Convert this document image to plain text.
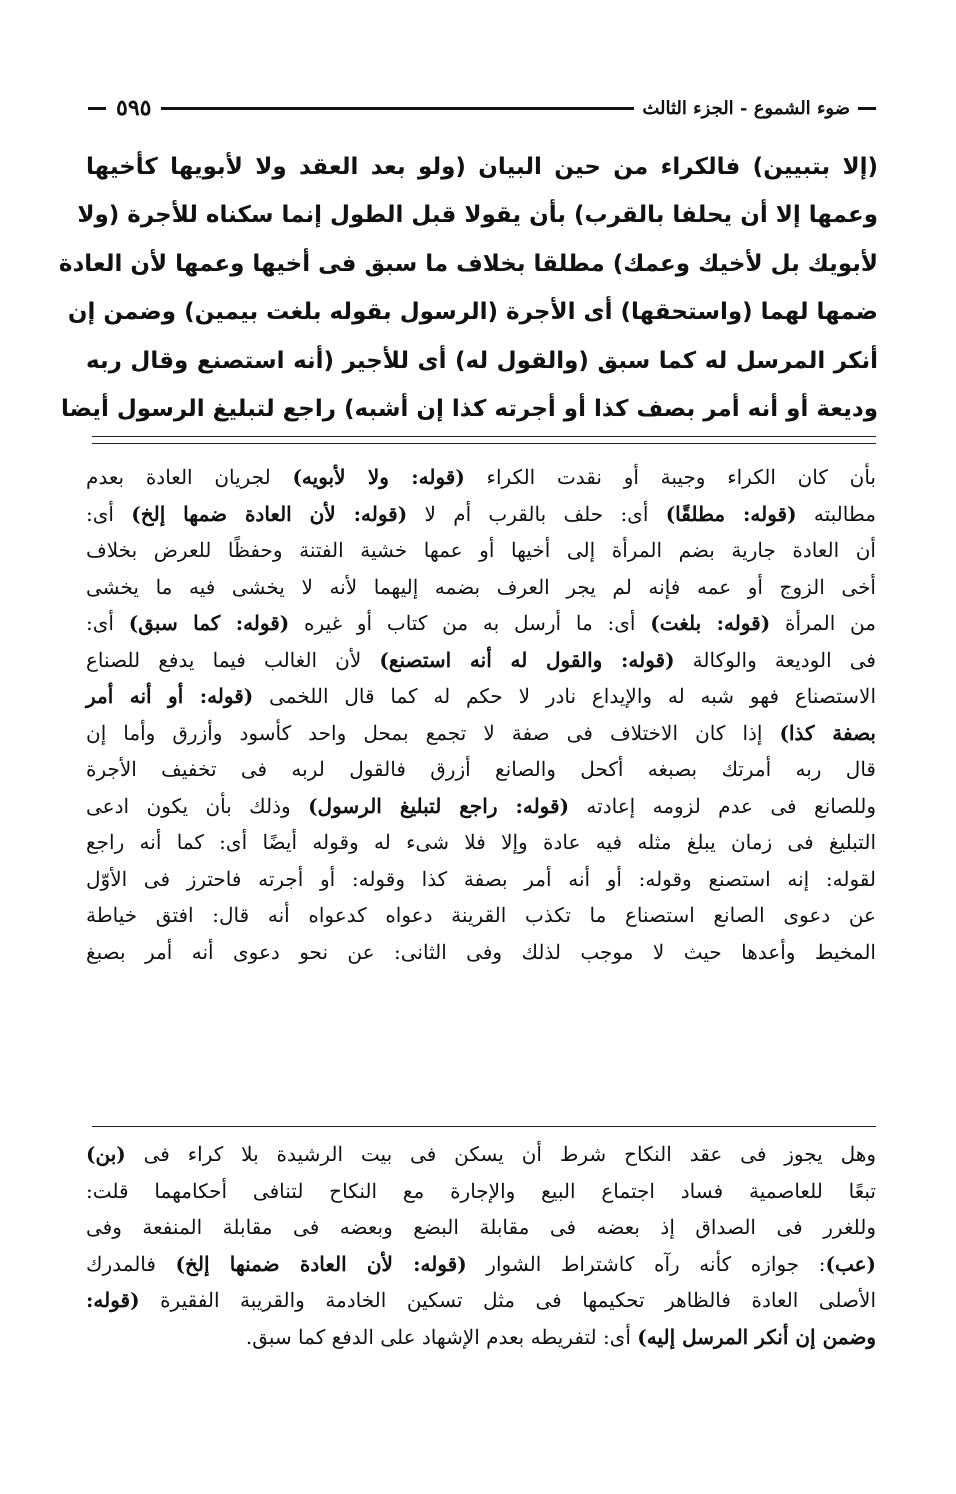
٥٩٥	ضوء الشموع - الجزء الثالث
(إلا بتبيين) فالكراء من حين البيان (ولو بعد العقد ولا لأبويها كأخيها
وعمها إلا أن يحلفا بالقرب) بأن يقولا قبل الطول إنما سكناه للأجرة (ولا
لأبويك بل لأخيك وعمك) مطلقا بخلاف ما سبق فى أخيها وعمها لأن العادة
ضمها لهما (واستحقها) أى الأجرة (الرسول بقوله بلغت بيمين) وضمن إن
أنكر المرسل له كما سبق (والقول له) أى للأجير (أنه استصنع وقال ربه
وديعة أو أنه أمر بصف كذا أو أجرته كذا إن أشبه) راجع لتبليغ الرسول أيضا
بأن كان الكراء وجيبة أو نقدت الكراء (قوله: ولا لأبويه) لجريان العادة بعدم
مطالبته (قوله: مطلقًا) أى: حلف بالقرب أم لا (قوله: لأن العادة ضمها إلخ) أى:
أن العادة جارية بضم المرأة إلى أخيها أو عمها خشية الفتنة وحفظًا للعرض بخلاف
أخى الزوج أو عمه فإنه لم يجر العرف بضمه إليهما لأنه لا يخشى فيه ما يخشى
من المرأة (قوله: بلغت) أى: ما أرسل به من كتاب أو غيره (قوله: كما سبق) أى:
فى الوديعة والوكالة (قوله: والقول له أنه استصنع) لأن الغالب فيما يدفع للصناع
الاستصناع فهو شبه له والإيداع نادر لا حكم له كما قال اللخمى (قوله: أو أنه أمر
بصفة كذا) إذا كان الاختلاف فى صفة لا تجمع بمحل واحد كأسود وأزرق وأما إن
قال ربه أمرتك بصبغه أكحل والصانع أزرق فالقول لربه فى تخفيف الأجرة
وللصانع فى عدم لزومه إعادته (قوله: راجع لتبليغ الرسول) وذلك بأن يكون ادعى
التبليغ فى زمان يبلغ مثله فيه عادة وإلا فلا شىء له وقوله أيضًا أى: كما أنه راجع
لقوله: إنه استصنع وقوله: أو أنه أمر بصفة كذا وقوله: أو أجرته فاحترز فى الأوّل
عن دعوى الصانع استصناع ما تكذب القرينة دعواه كدعواه أنه قال: افتق خياطة
المخيط وأعدها حيث لا موجب لذلك وفى الثانى: عن نحو دعوى أنه أمر بصبغ
وهل يجوز فى عقد النكاح شرط أن يسكن فى بيت الرشيدة بلا كراء فى (بن)
تبعًا للعاصمية فساد اجتماع البيع والإجارة مع النكاح لتنافى أحكامهما قلت:
وللغرر فى الصداق إذ بعضه فى مقابلة البضع وبعضه فى مقابلة المنفعة وفى
(عب): جوازه كأنه رآه كاشتراط الشوار (قوله: لأن العادة ضمنها إلخ) فالمدرك
الأصلى العادة فالظاهر تحكيمها فى مثل تسكين الخادمة والقريبة الفقيرة (قوله:
وضمن إن أنكر المرسل إليه) أى: لتفريطه بعدم الإشهاد على الدفع كما سبق.
